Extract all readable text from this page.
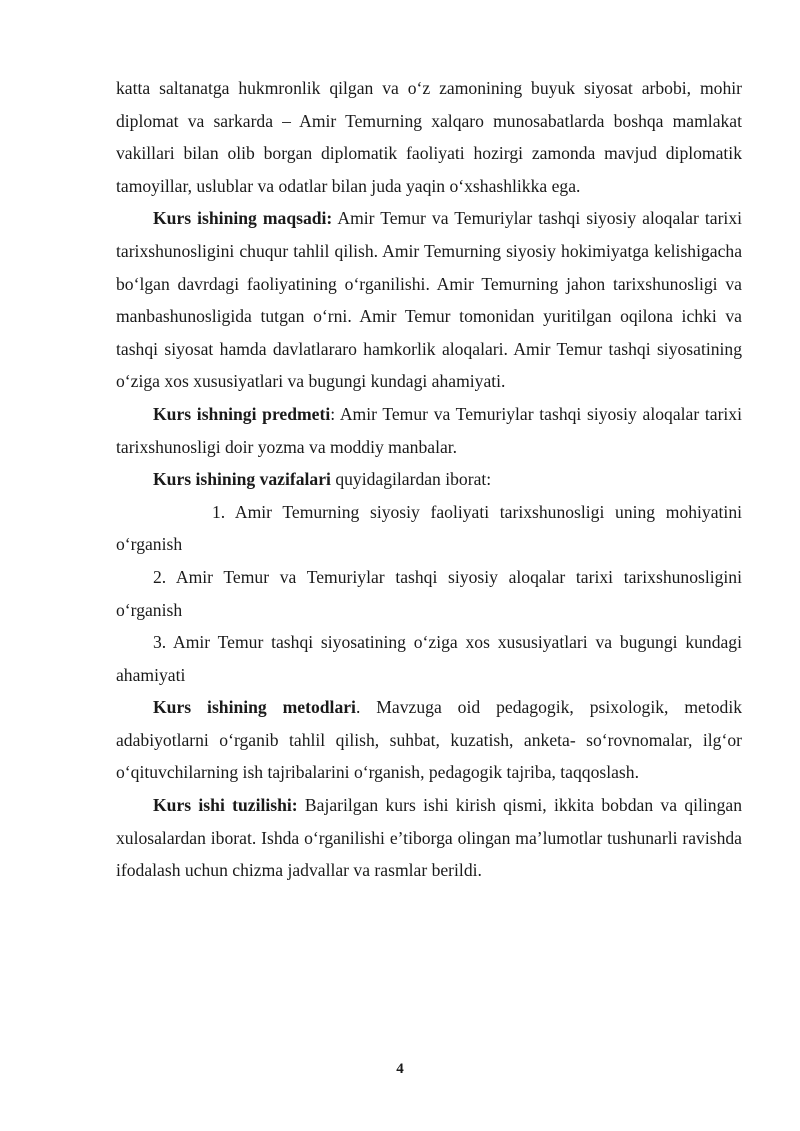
katta saltanatga hukmronlik qilgan va o‘z zamonining buyuk siyosat arbobi, mohir diplomat va sarkarda – Amir Temurning xalqaro munosabatlarda boshqa mamlakat vakillari bilan olib borgan diplomatik faoliyati hozirgi zamonda mavjud diplomatik tamoyillar, uslublar va odatlar bilan juda yaqin o‘xshashlikka ega.

Kurs ishining maqsadi: Amir Temur va Temuriylar tashqi siyosiy aloqalar tarixi tarixshunosligini chuqur tahlil qilish. Amir Temurning siyosiy hokimiyatga kelishigacha bo‘lgan davrdagi faoliyatining o‘rganilishi. Amir Temurning jahon tarixshunosligi va manbashunosligida tutgan o‘rni. Amir Temur tomonidan yuritilgan oqilona ichki va tashqi siyosat hamda davlatlararo hamkorlik aloqalari. Amir Temur tashqi siyosatining o‘ziga xos xususiyatlari va bugungi kundagi ahamiyati.

Kurs ishningi predmeti: Amir Temur va Temuriylar tashqi siyosiy aloqalar tarixi tarixshunosligi doir yozma va moddiy manbalar.

Kurs ishining vazifalari quyidagilardan iborat:

1. Amir Temurning siyosiy faoliyati tarixshunosligi uning mohiyatini o‘rganish

2. Amir Temur va Temuriylar tashqi siyosiy aloqalar tarixi tarixshunosligini o‘rganish

3. Amir Temur tashqi siyosatining o‘ziga xos xususiyatlari va bugungi kundagi ahamiyati

Kurs ishining metodlari. Mavzuga oid pedagogik, psixologik, metodik adabiyotlarni o‘rganib tahlil qilish, suhbat, kuzatish, anketa- so‘rovnomalar, ilg‘or o‘qituvchilarning ish tajribalarini o‘rganish, pedagogik tajriba, taqqoslash.

Kurs ishi tuzilishi: Bajarilgan kurs ishi kirish qismi, ikkita bobdan va qilingan xulosalardan iborat. Ishda o‘rganilishi e’tiborga olingan ma’lumotlar tushunarli ravishda ifodalash uchun chizma jadvallar va rasmlar berildi.

4
